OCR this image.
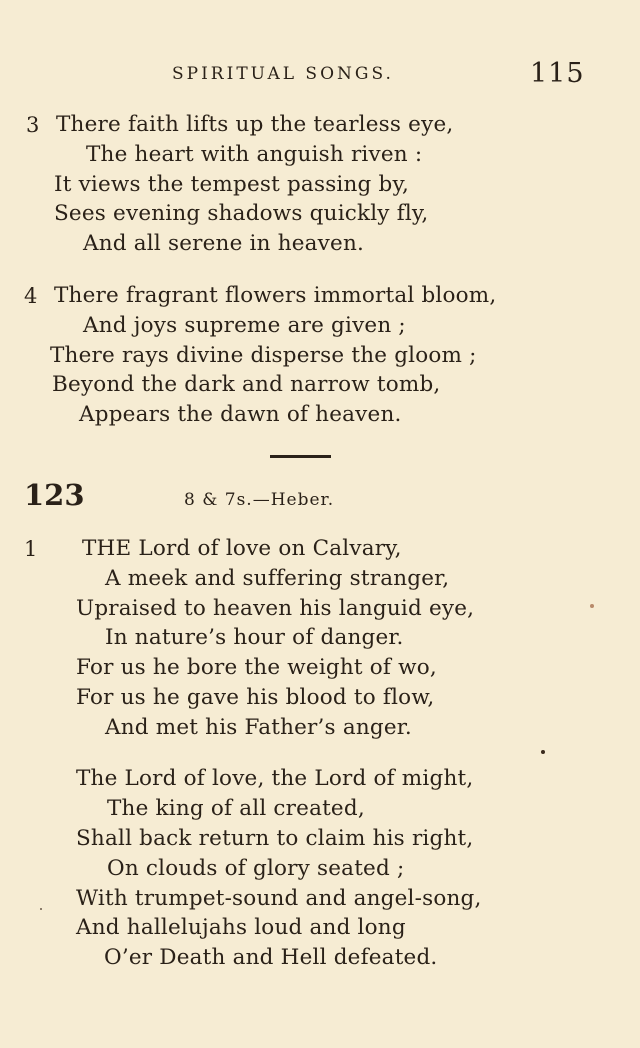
SPIRITUAL SONGS.	115
3 There faith lifts up the tearless eye,
The heart with anguish riven :
It views the tempest passing by,
Sees evening shadows quickly fly,
And all serene in heaven.
4 There fragrant flowers immortal bloom,
And joys supreme are given ;
There rays divine disperse the gloom ;
Beyond the dark and narrow tomb,
Appears the dawn of heaven.
123	8 & 7s.—Heber.
1 THE Lord of love on Calvary,
A meek and suffering stranger,
Upraised to heaven his languid eye,
In nature’s hour of danger.
For us he bore the weight of wo,
For us he gave his blood to flow,
And met his Father’s anger.
The Lord of love, the Lord of might,
The king of all created,
Shall back return to claim his right,
On clouds of glory seated ;
With trumpet-sound and angel-song,
And hallelujahs loud and long
O’er Death and Hell defeated.
